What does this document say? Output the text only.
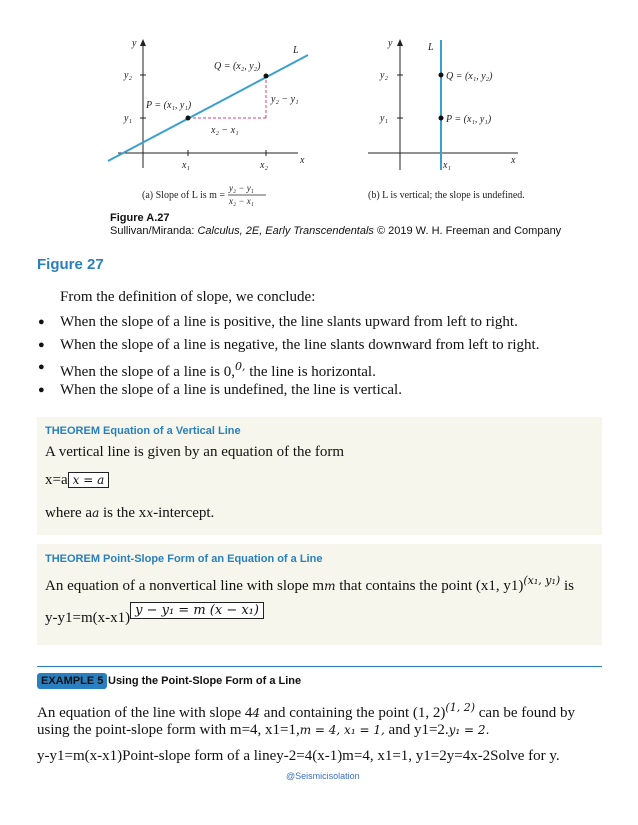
y
x
L
y₂
y₁
x₁	x₂
Q = (x₂, y₂)
P = (x₁, y₁)
y₂ − y₁
x₂ − x₁
(a) Slope of L is m =
y₂ − y₁
x₂ − x₁
y
x
L
y₂
y₁
x₁
Q = (x₁, y₂)
P = (x₁, y₁)
(b) L is vertical; the slope is undefined.
Figure A.27
Sullivan/Miranda: Calculus, 2E, Early Transcendentals © 2019 W. H. Freeman and Company
Figure 27
From the definition of slope, we conclude:
● When the slope of a line is positive, the line slants upward from left to right.
● When the slope of a line is negative, the line slants downward from left to right.
● When the slope of a line is 0,$^{0,}$ the line is horizontal.
● When the slope of a line is undefined, the line is vertical.
THEOREM Equation of a Vertical Line
A vertical line is given by an equation of the form
x=a x = a
where aa is the xx-intercept.
THEOREM Point-Slope Form of an Equation of a Line
An equation of a nonvertical line with slope mm that contains the point (x1, y1)$^{(x_1, y_1)}$ is
y-y1=m(x-x1) y − y₁ = m (x − x₁)
EXAMPLE 5 Using the Point-Slope Form of a Line
An equation of the line with slope 44 and containing the point (1, 2)$^{(1, 2)}$ can be found by
using the point-slope form with m=4, x1=1,m = 4, x₁ = 1, and y1=2.y₁ = 2.
y-y1=m(x-x1)Point-slope form of a liney-2=4(x-1)m=4, x1=1, y1=2y=4x-2Solve for y.
@Seismicisolation
